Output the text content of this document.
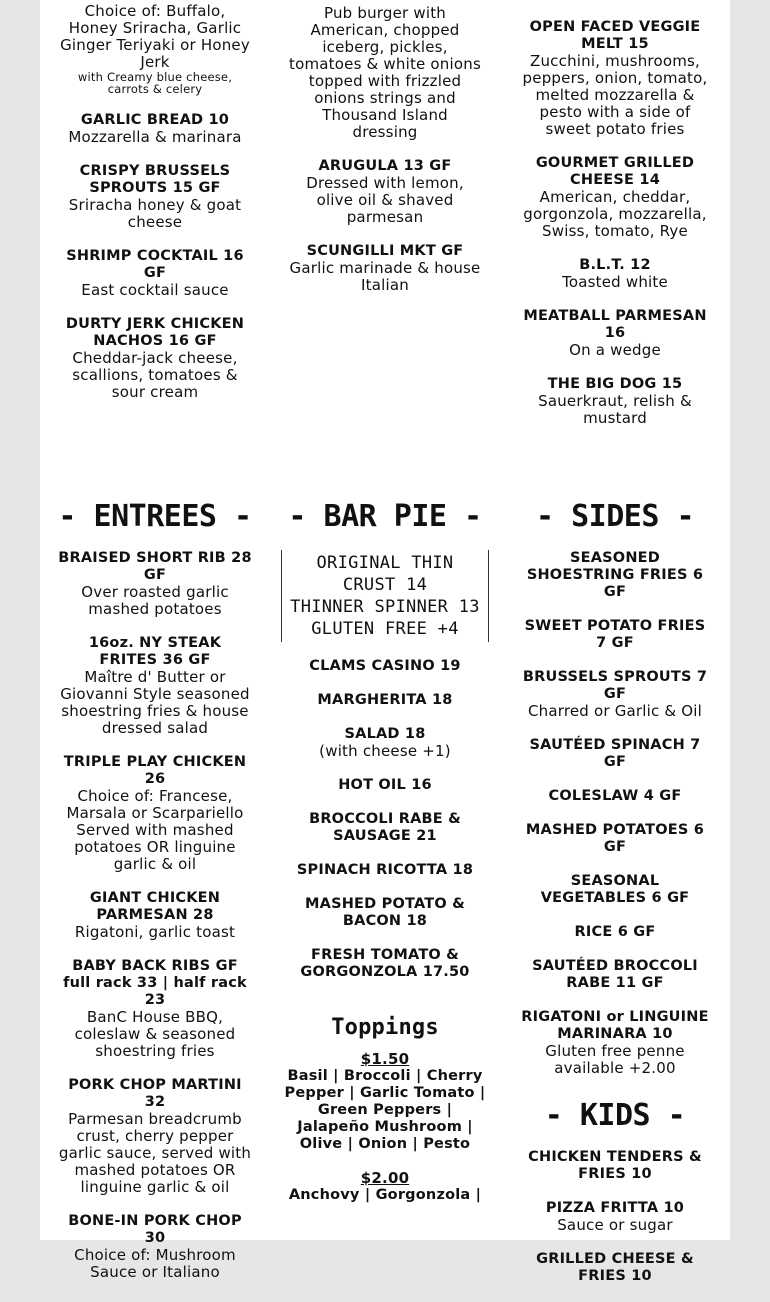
Choice of: Buffalo, Honey Sriracha, Garlic Ginger Teriyaki or Honey Jerk
with Creamy blue cheese, carrots & celery
GARLIC BREAD 10
Mozzarella & marinara
CRISPY BRUSSELS SPROUTS 15 GF
Sriracha honey & goat cheese
SHRIMP COCKTAIL 16 GF
East cocktail sauce
DURTY JERK CHICKEN NACHOS 16 GF
Cheddar-jack cheese, scallions, tomatoes & sour cream
Pub burger with American, chopped iceberg, pickles, tomatoes & white onions topped with frizzled onions strings and Thousand Island dressing
ARUGULA 13 GF
Dressed with lemon, olive oil & shaved parmesan
SCUNGILLI MKT GF
Garlic marinade & house Italian
OPEN FACED VEGGIE MELT 15
Zucchini, mushrooms, peppers, onion, tomato, melted mozzarella & pesto with a side of sweet potato fries
GOURMET GRILLED CHEESE 14
American, cheddar, gorgonzola, mozzarella, Swiss, tomato, Rye
B.L.T. 12
Toasted white
MEATBALL PARMESAN 16
On a wedge
THE BIG DOG 15
Sauerkraut, relish & mustard
- ENTREES -
BRAISED SHORT RIB 28 GF
Over roasted garlic mashed potatoes
16oz. NY STEAK FRITES 36 GF
Maître d' Butter or Giovanni Style seasoned shoestring fries & house dressed salad
TRIPLE PLAY CHICKEN 26
Choice of: Francese, Marsala or Scarpariello Served with mashed potatoes OR linguine garlic & oil
GIANT CHICKEN PARMESAN 28
Rigatoni, garlic toast
BABY BACK RIBS GF full rack 33 | half rack 23
BanC House BBQ, coleslaw & seasoned shoestring fries
PORK CHOP MARTINI 32
Parmesan breadcrumb crust, cherry pepper garlic sauce, served with mashed potatoes OR linguine garlic & oil
BONE-IN PORK CHOP 30
Choice of: Mushroom Sauce or Italiano
- BAR PIE -
ORIGINAL THIN CRUST 14
THINNER SPINNER 13
GLUTEN FREE +4
CLAMS CASINO 19
MARGHERITA 18
SALAD 18
(with cheese +1)
HOT OIL 16
BROCCOLI RABE & SAUSAGE 21
SPINACH RICOTTA 18
MASHED POTATO & BACON 18
FRESH TOMATO & GORGONZOLA 17.50
Toppings
$1.50
Basil | Broccoli | Cherry Pepper | Garlic Tomato | Green Peppers | Jalapeño Mushroom | Olive | Onion | Pesto
$2.00
Anchovy | Gorgonzola |
- SIDES -
SEASONED SHOESTRING FRIES 6 GF
SWEET POTATO FRIES 7 GF
BRUSSELS SPROUTS 7 GF
Charred or Garlic & Oil
SAUTÉED SPINACH 7 GF
COLESLAW 4 GF
MASHED POTATOES 6 GF
SEASONAL VEGETABLES 6 GF
RICE 6 GF
SAUTÉED BROCCOLI RABE 11 GF
RIGATONI or LINGUINE MARINARA 10
Gluten free penne available +2.00
- KIDS -
CHICKEN TENDERS & FRIES 10
PIZZA FRITTA 10
Sauce or sugar
GRILLED CHEESE & FRIES 10
